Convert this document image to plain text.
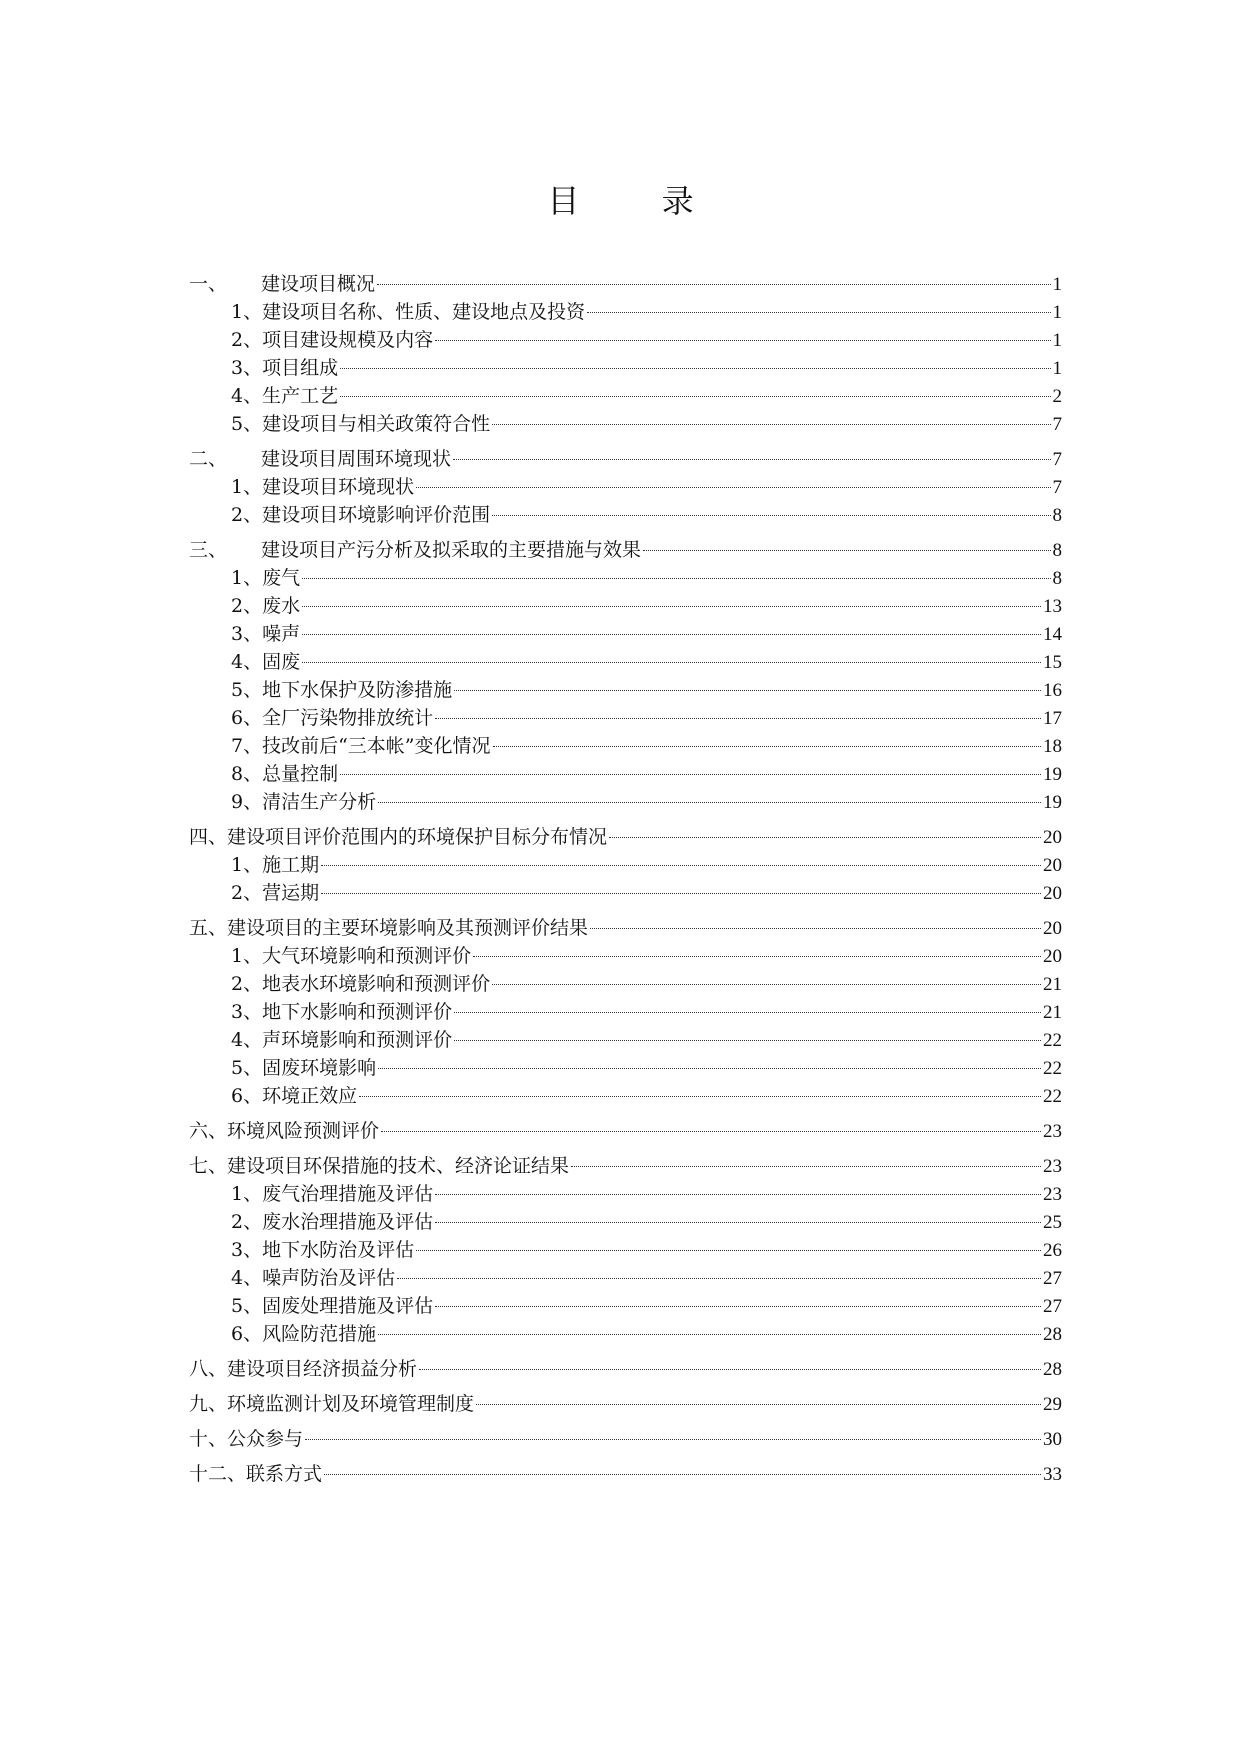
目 录
一、 建设项目概况	1
1、建设项目名称、性质、建设地点及投资	1
2、项目建设规模及内容	1
3、项目组成	1
4、生产工艺	2
5、建设项目与相关政策符合性	7
二、 建设项目周围环境现状	7
1、建设项目环境现状	7
2、建设项目环境影响评价范围	8
三、 建设项目产污分析及拟采取的主要措施与效果	8
1、废气	8
2、废水	13
3、噪声	14
4、固废	15
5、地下水保护及防渗措施	16
6、全厂污染物排放统计	17
7、技改前后“三本帐”变化情况	18
8、总量控制	19
9、清洁生产分析	19
四、建设项目评价范围内的环境保护目标分布情况	20
1、施工期	20
2、营运期	20
五、建设项目的主要环境影响及其预测评价结果	20
1、大气环境影响和预测评价	20
2、地表水环境影响和预测评价	21
3、地下水影响和预测评价	21
4、声环境影响和预测评价	22
5、固废环境影响	22
6、环境正效应	22
六、环境风险预测评价	23
七、建设项目环保措施的技术、经济论证结果	23
1、废气治理措施及评估	23
2、废水治理措施及评估	25
3、地下水防治及评估	26
4、噪声防治及评估	27
5、固废处理措施及评估	27
6、风险防范措施	28
八、建设项目经济损益分析	28
九、环境监测计划及环境管理制度	29
十、公众参与	30
十二、联系方式	33
